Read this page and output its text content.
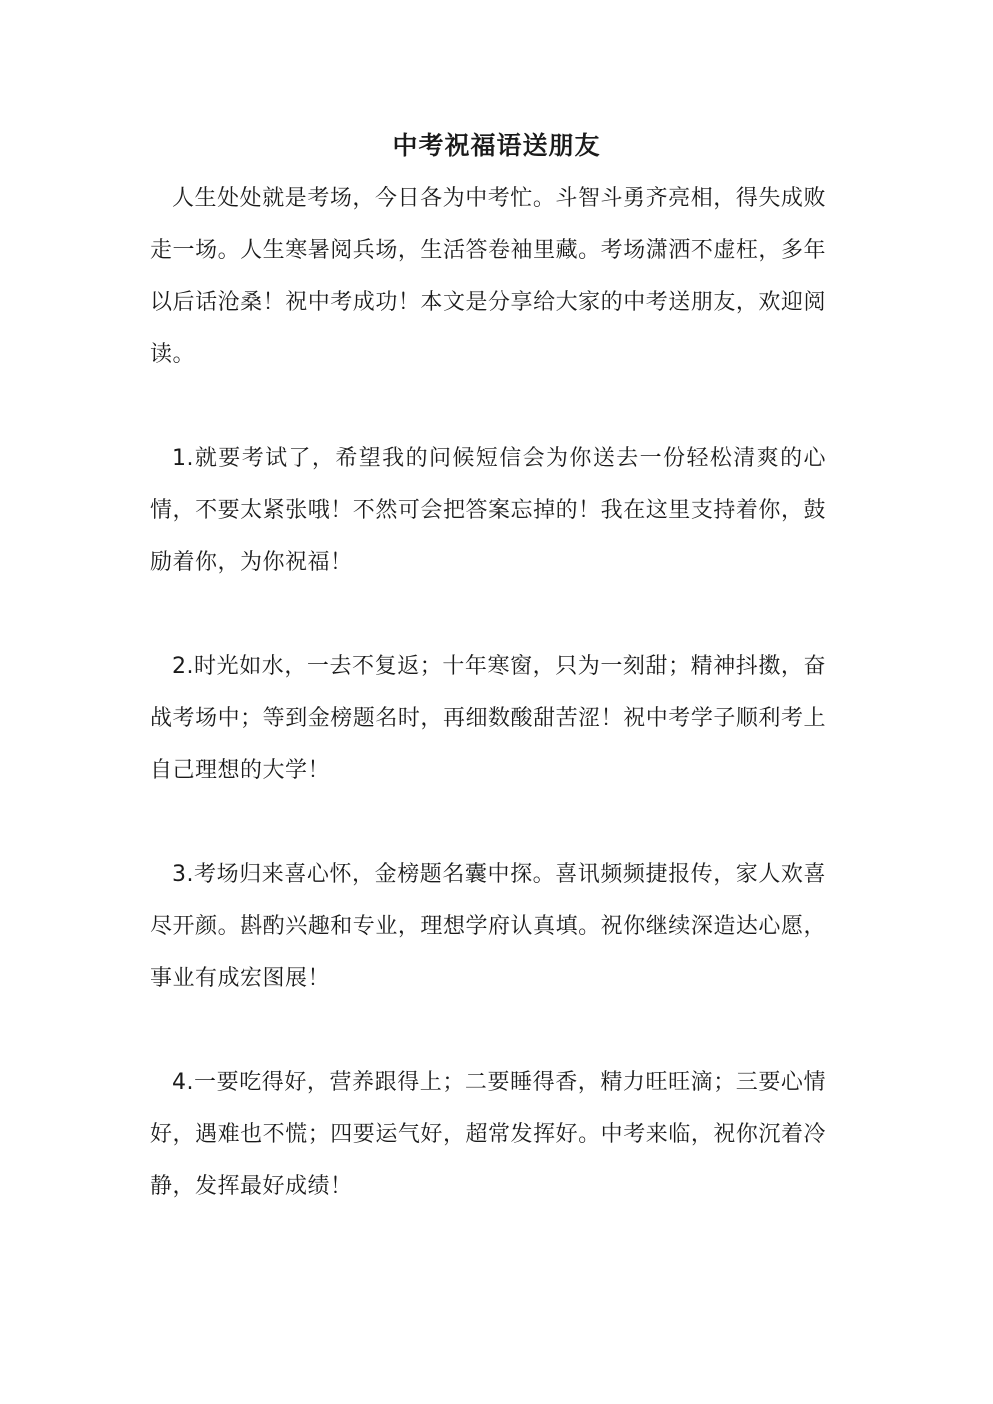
中考祝福语送朋友

人生处处就是考场，今日各为中考忙。斗智斗勇齐亮相，得失成败走一场。人生寒暑阅兵场，生活答卷袖里藏。考场潇洒不虚枉，多年以后话沧桑！祝中考成功！本文是分享给大家的中考送朋友，欢迎阅读。

1.就要考试了，希望我的问候短信会为你送去一份轻松清爽的心情，不要太紧张哦！不然可会把答案忘掉的！我在这里支持着你，鼓励着你，为你祝福！

2.时光如水，一去不复返；十年寒窗，只为一刻甜；精神抖擞，奋战考场中；等到金榜题名时，再细数酸甜苦涩！祝中考学子顺利考上自己理想的大学！

3.考场归来喜心怀，金榜题名囊中探。喜讯频频捷报传，家人欢喜尽开颜。斟酌兴趣和专业，理想学府认真填。祝你继续深造达心愿，事业有成宏图展！

4.一要吃得好，营养跟得上；二要睡得香，精力旺旺滴；三要心情好，遇难也不慌；四要运气好，超常发挥好。中考来临，祝你沉着冷静，发挥最好成绩！
